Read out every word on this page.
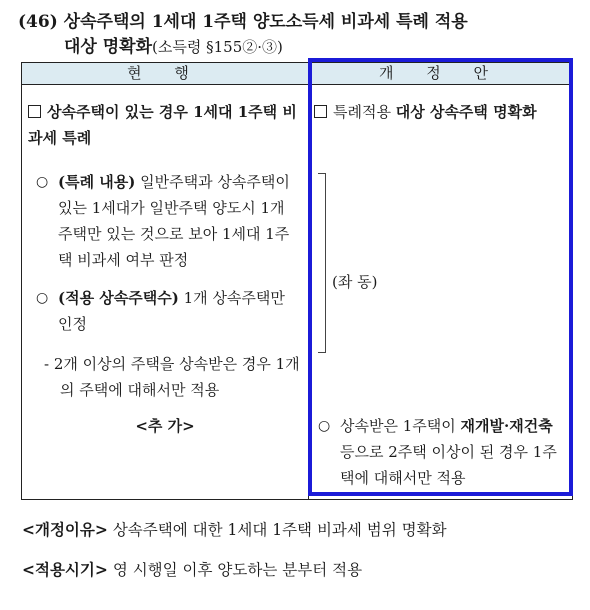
(46) 상속주택의 1세대 1주택 양도소득세 비과세 특례 적용
대상 명확화(소득령 §155②·③)
현 행	개 정 안
상속주택이 있는 경우 1세대 1주택 비과세 특례
○ (특례 내용) 일반주택과 상속주택이 있는 1세대가 일반주택 양도시 1개 주택만 있는 것으로 보아 1세대 1주택 비과세 여부 판정
○ (적용 상속주택수) 1개 상속주택만 인정
- 2개 이상의 주택을 상속받은 경우 1개의 주택에 대해서만 적용
<추 가>
특례적용 대상 상속주택 명확화
(좌 동)
○ 상속받은 1주택이 재개발·재건축 등으로 2주택 이상이 된 경우 1주택에 대해서만 적용
<개정이유> 상속주택에 대한 1세대 1주택 비과세 범위 명확화
<적용시기> 영 시행일 이후 양도하는 분부터 적용
